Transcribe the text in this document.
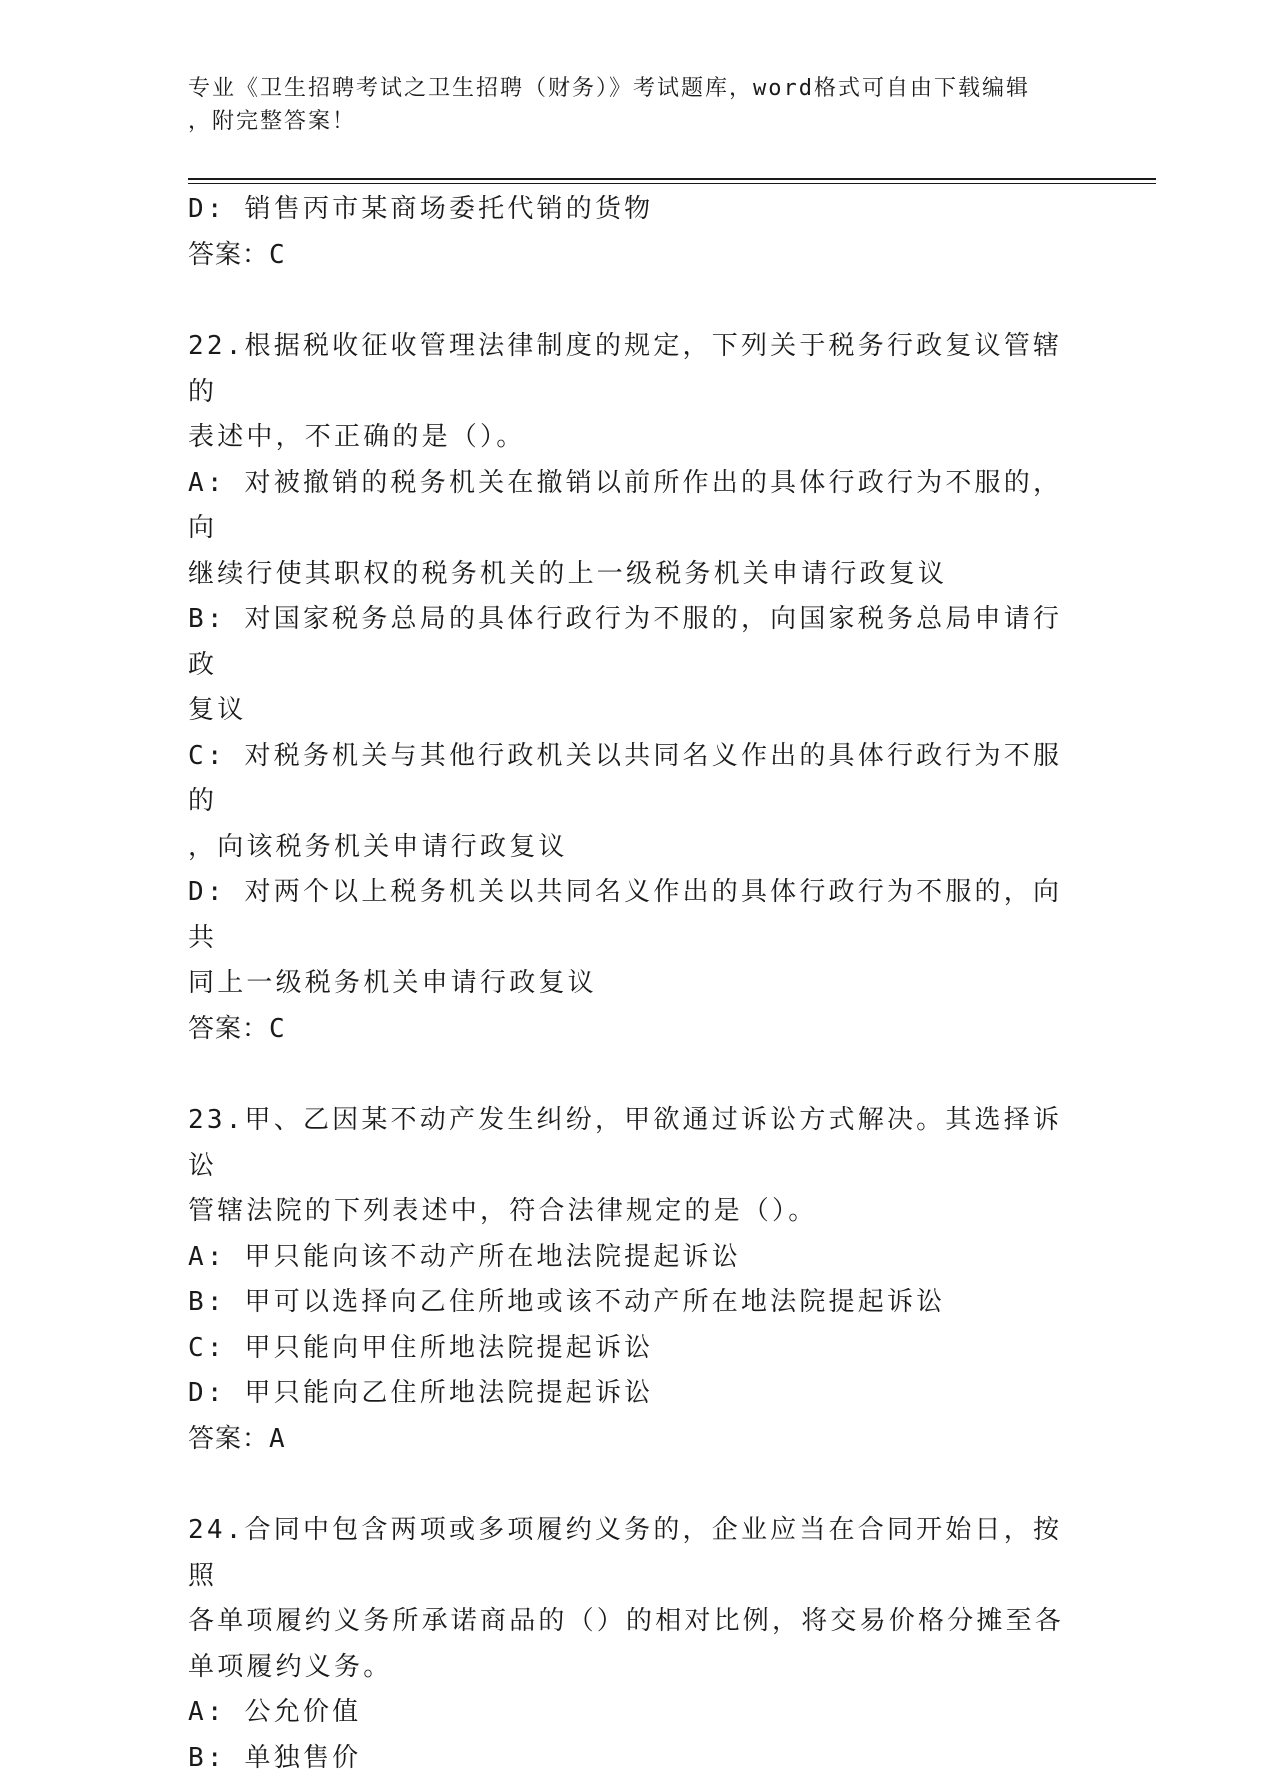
专业《卫生招聘考试之卫生招聘（财务）》考试题库，word格式可自由下载编辑
，附完整答案！
D: 销售丙市某商场委托代销的货物
答案：C
22.根据税收征收管理法律制度的规定，下列关于税务行政复议管辖的
表述中，不正确的是（）。
A: 对被撤销的税务机关在撤销以前所作出的具体行政行为不服的，向
继续行使其职权的税务机关的上一级税务机关申请行政复议
B: 对国家税务总局的具体行政行为不服的，向国家税务总局申请行政
复议
C: 对税务机关与其他行政机关以共同名义作出的具体行政行为不服的
，向该税务机关申请行政复议
D: 对两个以上税务机关以共同名义作出的具体行政行为不服的，向共
同上一级税务机关申请行政复议
答案：C
23.甲、乙因某不动产发生纠纷，甲欲通过诉讼方式解决。其选择诉讼
管辖法院的下列表述中，符合法律规定的是（）。
A: 甲只能向该不动产所在地法院提起诉讼
B: 甲可以选择向乙住所地或该不动产所在地法院提起诉讼
C: 甲只能向甲住所地法院提起诉讼
D: 甲只能向乙住所地法院提起诉讼
答案：A
24.合同中包含两项或多项履约义务的，企业应当在合同开始日，按照
各单项履约义务所承诺商品的（）的相对比例，将交易价格分摊至各
单项履约义务。
A: 公允价值
B: 单独售价
